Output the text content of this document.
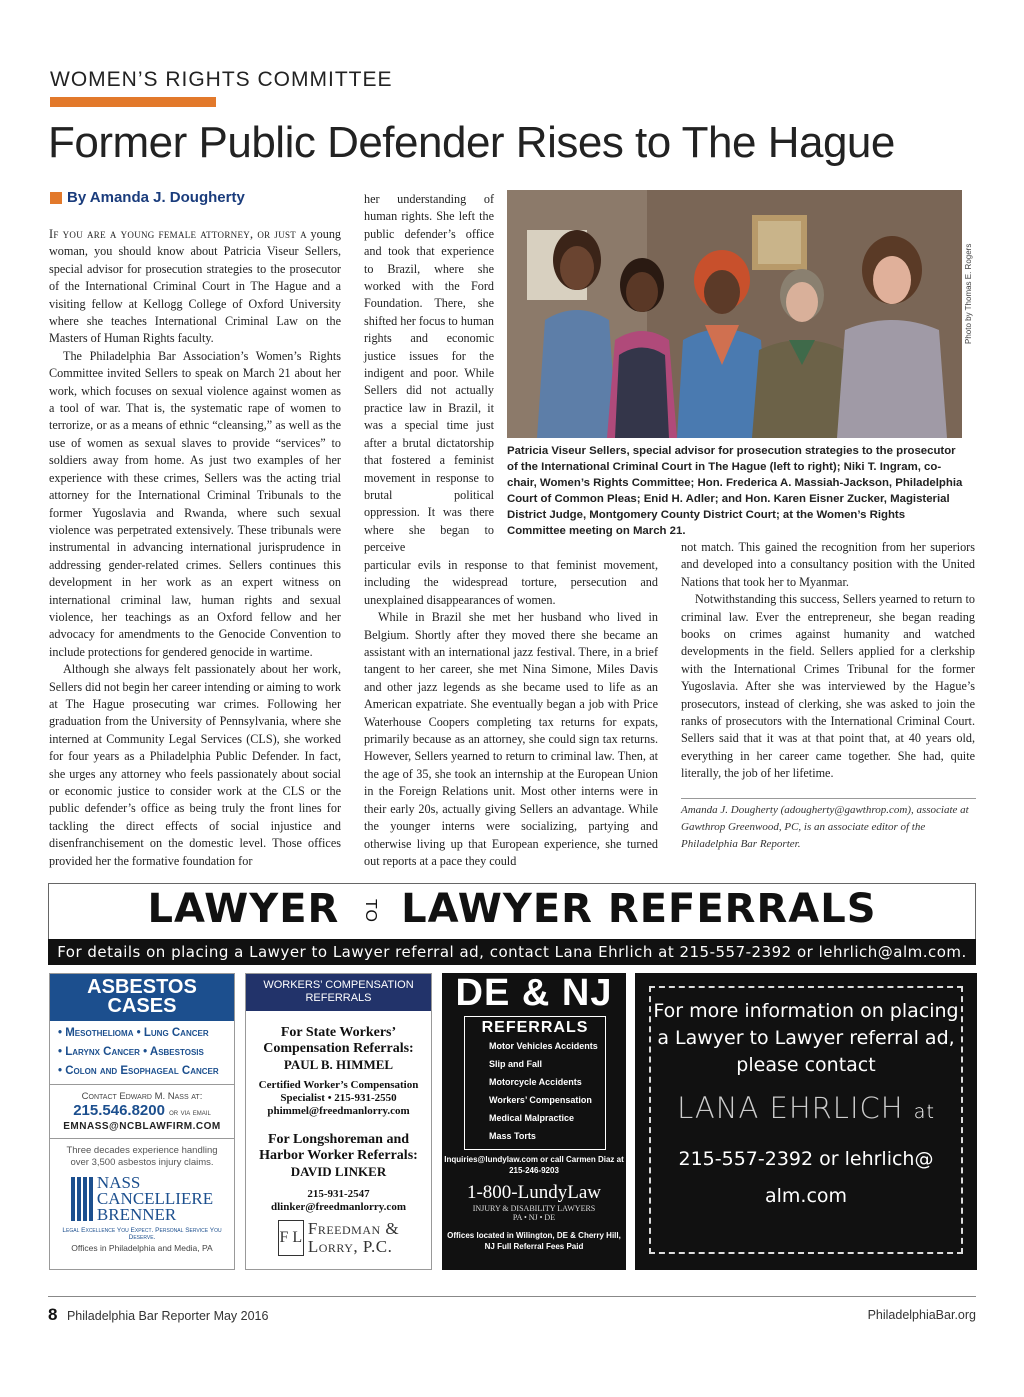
WOMEN’S RIGHTS COMMITTEE
Former Public Defender Rises to The Hague
By Amanda J. Dougherty

If you are a young female attorney, or just a young woman, you should know about Patricia Viseur Sellers, special advisor for prosecution strategies to the prosecutor of the International Criminal Court in The Hague and a visiting fellow at Kellogg College of Oxford University where she teaches International Criminal Law on the Masters of Human Rights faculty.

The Philadelphia Bar Association’s Women’s Rights Committee invited Sellers to speak on March 21 about her work, which focuses on sexual violence against women as a tool of war. That is, the systematic rape of women to terrorize, or as a means of ethnic “cleansing,” as well as the use of women as sexual slaves to provide “services” to soldiers away from home. As just two examples of her experience with these crimes, Sellers was the acting trial attorney for the International Criminal Tribunals to the former Yugoslavia and Rwanda, where such sexual violence was perpetrated extensively. These tribunals were instrumental in advancing international jurisprudence in addressing gender-related crimes. Sellers continues this development in her work as an expert witness on international criminal law, human rights and sexual violence, her teachings as an Oxford fellow and her advocacy for amendments to the Genocide Convention to include protections for gendered genocide in wartime.

Although she always felt passionately about her work, Sellers did not begin her career intending or aiming to work at The Hague prosecuting war crimes. Following her graduation from the University of Pennsylvania, where she interned at Community Legal Services (CLS), she worked for four years as a Philadelphia Public Defender. In fact, she urges any attorney who feels passionately about social or economic justice to consider work at the CLS or the public defender’s office as being truly the front lines for tackling the direct effects of social injustice and disenfranchisement on the domestic level. Those offices provided her the formative foundation for

her understanding of human rights. She left the public defender’s office and took that experience to Brazil, where she worked with the Ford Foundation. There, she shifted her focus to human rights and economic justice issues for the indigent and poor. While Sellers did not actually practice law in Brazil, it was a special time just after a brutal dictatorship that fostered a feminist movement in response to brutal political oppression. It was there where she began to perceive

particular evils in response to that feminist movement, including the widespread torture, persecution and unexplained disappearances of women.

While in Brazil she met her husband who lived in Belgium. Shortly after they moved there she became an assistant with an international jazz festival. There, in a brief tangent to her career, she met Nina Simone, Miles Davis and other jazz legends as she became used to life as an American expatriate. She eventually began a job with Price Waterhouse Coopers completing tax returns for expats, primarily because as an attorney, she could sign tax returns. However, Sellers yearned to return to criminal law. Then, at the age of 35, she took an internship at the European Union in the Foreign Relations unit. Most other interns were in their early 20s, actually giving Sellers an advantage. While the younger interns were socializing, partying and otherwise living up that European experience, she turned out reports at a pace they could

Photo by Thomas E. Rogers
Patricia Viseur Sellers, special advisor for prosecution strategies to the prosecutor of the International Criminal Court in The Hague (left to right); Niki T. Ingram, co-chair, Women’s Rights Committee; Hon. Frederica A. Massiah-Jackson, Philadelphia Court of Common Pleas; Enid H. Adler; and Hon. Karen Eisner Zucker, Magisterial District Judge, Montgomery County District Court; at the Women’s Rights Committee meeting on March 21.

not match. This gained the recognition from her superiors and developed into a consultancy position with the United Nations that took her to Myanmar.

Notwithstanding this success, Sellers yearned to return to criminal law. Ever the entrepreneur, she began reading books on crimes against humanity and watched developments in the field. Sellers applied for a clerkship with the International Crimes Tribunal for the former Yugoslavia. After she was interviewed by the Hague’s prosecutors, instead of clerking, she was asked to join the ranks of prosecutors with the International Criminal Court. Sellers said that it was at that point that, at 40 years old, everything in her career came together. She had, quite literally, the job of her lifetime.

Amanda J. Dougherty (adougherty@gawthrop.com), associate at Gawthrop Greenwood, PC, is an associate editor of the Philadelphia Bar Reporter.
LAWYER TO LAWYER REFERRALS
For details on placing a Lawyer to Lawyer referral ad, contact Lana Ehrlich at 215-557-2392 or lehrlich@alm.com.
ASBESTOS
CASES
• Mesothelioma • Lung Cancer
• Larynx Cancer • Asbestosis
• Colon and Esophageal Cancer
Contact Edward M. Nass at:
215.546.8200 or via email
EMNASS@NCBLAWFIRM.COM
Three decades experience handling over 3,500 asbestos injury claims.
NASS
CANCELLIERE
BRENNER
Legal Excellence You Expect. Personal Service You Deserve.
Offices in Philadelphia and Media, PA
WORKERS’ COMPENSATION
REFERRALS
For State Workers’ Compensation Referrals:
PAUL B. HIMMEL
Certified Worker’s Compensation Specialist • 215-931-2550
phimmel@freedmanlorry.com
For Longshoreman and Harbor Worker Referrals:
DAVID LINKER
215-931-2547
dlinker@freedmanlorry.com
F L Freedman &
Lorry, P.C.
DE & NJ
REFERRALS
Motor Vehicles Accidents
Slip and Fall
Motorcycle Accidents
Workers’ Compensation
Medical Malpractice
Mass Torts
Inquiries@lundylaw.com or call Carmen Diaz at 215-246-9203
1-800-LundyLaw
INJURY & DISABILITY LAWYERS
PA • NJ • DE
Offices located in Wilington, DE & Cherry Hill, NJ Full Referral Fees Paid
For more information on placing a Lawyer to Lawyer referral ad, please contact
LANA EHRLICH at
215-557-2392 or lehrlich@
alm.com
8 Philadelphia Bar Reporter May 2016	PhiladelphiaBar.org
